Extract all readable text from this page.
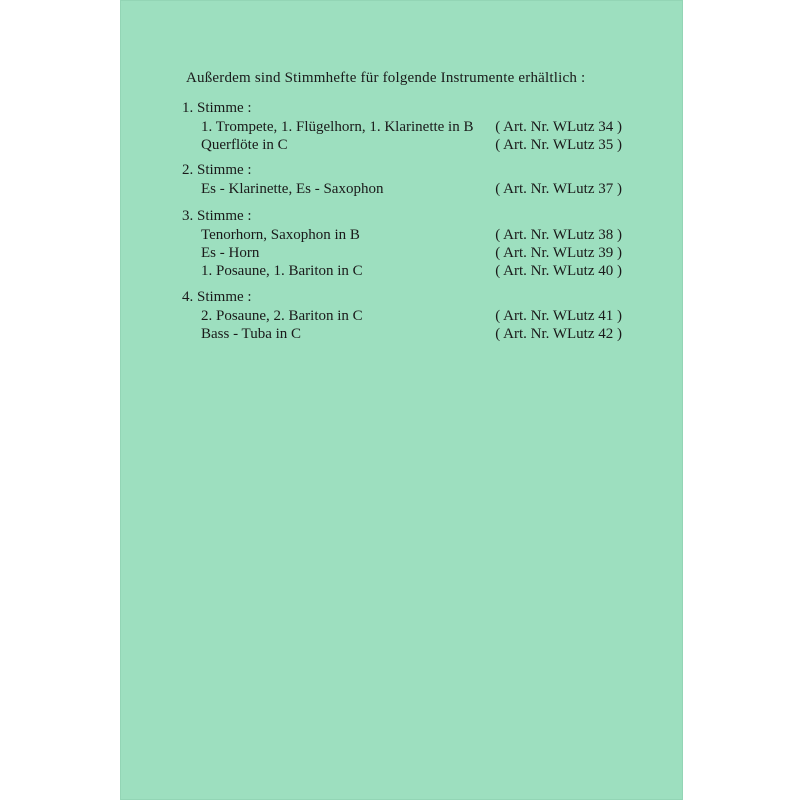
Außerdem sind Stimmhefte für folgende Instrumente erhältlich :
1. Stimme :
1. Trompete, 1. Flügelhorn, 1. Klarinette in B ( Art. Nr. WLutz 34 )
Querflöte in C	( Art. Nr. WLutz 35 )
2. Stimme :
Es - Klarinette, Es - Saxophon	( Art. Nr. WLutz 37 )
3. Stimme :
Tenorhorn, Saxophon in B	( Art. Nr. WLutz 38 )
Es - Horn	( Art. Nr. WLutz 39 )
1. Posaune, 1. Bariton in C	( Art. Nr. WLutz 40 )
4. Stimme :
2. Posaune, 2. Bariton in C	( Art. Nr. WLutz 41 )
Bass - Tuba in C	( Art. Nr. WLutz 42 )
